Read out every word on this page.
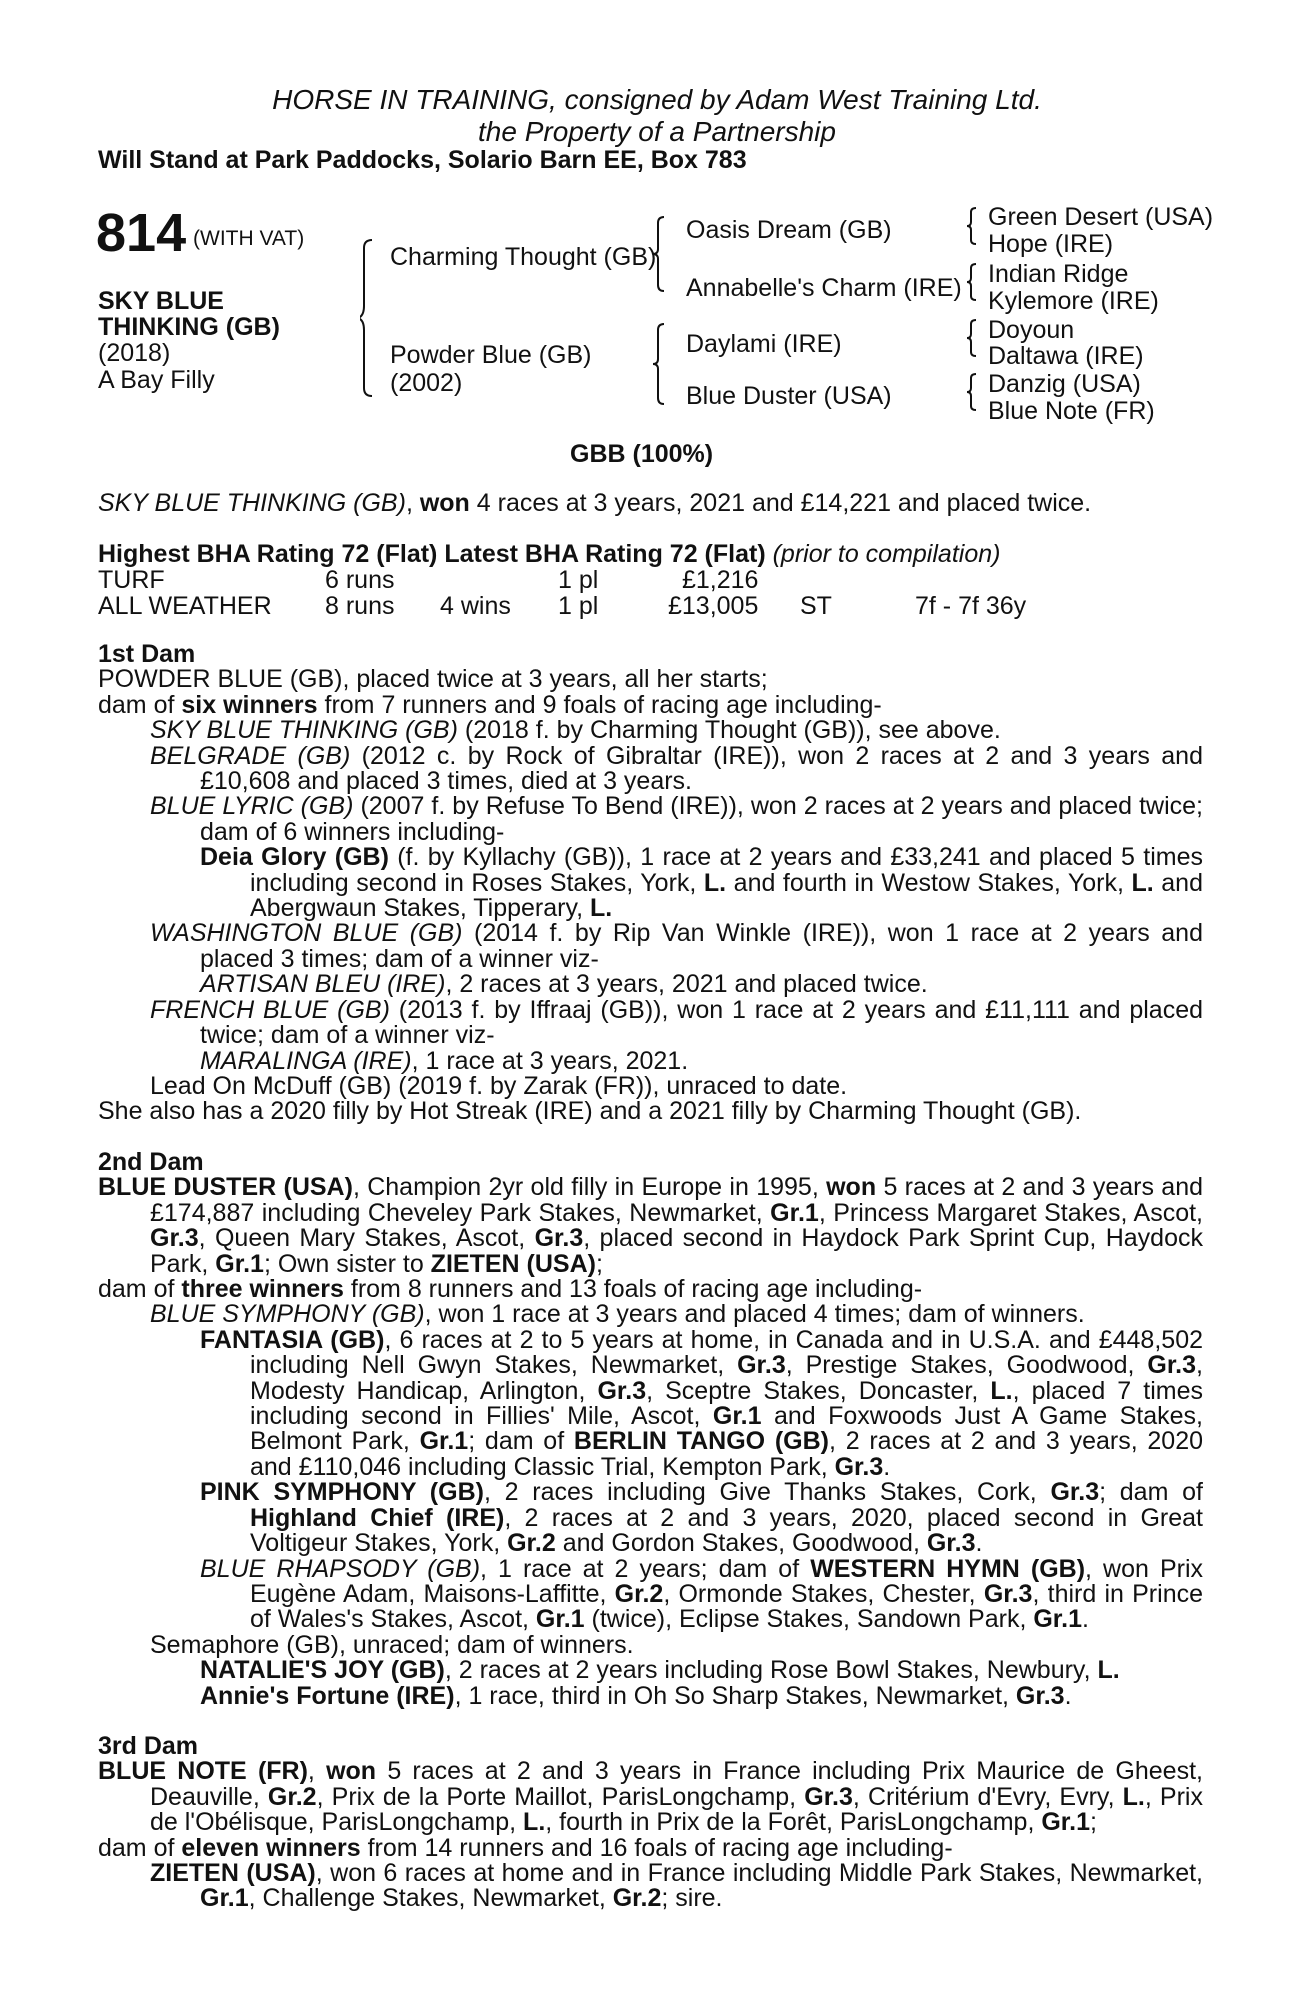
HORSE IN TRAINING, consigned by Adam West Training Ltd.
the Property of a Partnership
Will Stand at Park Paddocks, Solario Barn EE, Box 783
814 (WITH VAT)
SKY BLUE
THINKING (GB)
(2018)
A Bay Filly
Charming Thought (GB)
Powder Blue (GB)
(2002)
Oasis Dream (GB)
Annabelle's Charm (IRE)
Daylami (IRE)
Blue Duster (USA)
Green Desert (USA)
Hope (IRE)
Indian Ridge
Kylemore (IRE)
Doyoun
Daltawa (IRE)
Danzig (USA)
Blue Note (FR)
GBB (100%)
SKY BLUE THINKING (GB), won 4 races at 3 years, 2021 and £14,221 and placed twice.
Highest BHA Rating 72 (Flat) Latest BHA Rating 72 (Flat) (prior to compilation)
TURF	6 runs	1 pl	£1,216
ALL WEATHER 8 runs 4 wins 1 pl	£13,005 ST	7f - 7f 36y

1st Dam

POWDER BLUE (GB), placed twice at 3 years, all her starts;

dam of six winners from 7 runners and 9 foals of racing age including-

SKY BLUE THINKING (GB) (2018 f. by Charming Thought (GB)), see above.

BELGRADE (GB) (2012 c. by Rock of Gibraltar (IRE)), won 2 races at 2 and 3 years and £10,608 and placed 3 times, died at 3 years.

BLUE LYRIC (GB) (2007 f. by Refuse To Bend (IRE)), won 2 races at 2 years and placed twice; dam of 6 winners including-

Deia Glory (GB) (f. by Kyllachy (GB)), 1 race at 2 years and £33,241 and placed 5 times including second in Roses Stakes, York, L. and fourth in Westow Stakes, York, L. and Abergwaun Stakes, Tipperary, L.

WASHINGTON BLUE (GB) (2014 f. by Rip Van Winkle (IRE)), won 1 race at 2 years and placed 3 times; dam of a winner viz-

ARTISAN BLEU (IRE), 2 races at 3 years, 2021 and placed twice.

FRENCH BLUE (GB) (2013 f. by Iffraaj (GB)), won 1 race at 2 years and £11,111 and placed twice; dam of a winner viz-

MARALINGA (IRE), 1 race at 3 years, 2021.

Lead On McDuff (GB) (2019 f. by Zarak (FR)), unraced to date.

She also has a 2020 filly by Hot Streak (IRE) and a 2021 filly by Charming Thought (GB).

2nd Dam

BLUE DUSTER (USA), Champion 2yr old filly in Europe in 1995, won 5 races at 2 and 3 years and £174,887 including Cheveley Park Stakes, Newmarket, Gr.1, Princess Margaret Stakes, Ascot, Gr.3, Queen Mary Stakes, Ascot, Gr.3, placed second in Haydock Park Sprint Cup, Haydock Park, Gr.1; Own sister to ZIETEN (USA);

dam of three winners from 8 runners and 13 foals of racing age including-

BLUE SYMPHONY (GB), won 1 race at 3 years and placed 4 times; dam of winners.

FANTASIA (GB), 6 races at 2 to 5 years at home, in Canada and in U.S.A. and £448,502 including Nell Gwyn Stakes, Newmarket, Gr.3, Prestige Stakes, Goodwood, Gr.3, Modesty Handicap, Arlington, Gr.3, Sceptre Stakes, Doncaster, L., placed 7 times including second in Fillies' Mile, Ascot, Gr.1 and Foxwoods Just A Game Stakes, Belmont Park, Gr.1; dam of BERLIN TANGO (GB), 2 races at 2 and 3 years, 2020 and £110,046 including Classic Trial, Kempton Park, Gr.3.

PINK SYMPHONY (GB), 2 races including Give Thanks Stakes, Cork, Gr.3; dam of Highland Chief (IRE), 2 races at 2 and 3 years, 2020, placed second in Great Voltigeur Stakes, York, Gr.2 and Gordon Stakes, Goodwood, Gr.3.

BLUE RHAPSODY (GB), 1 race at 2 years; dam of WESTERN HYMN (GB), won Prix Eugène Adam, Maisons-Laffitte, Gr.2, Ormonde Stakes, Chester, Gr.3, third in Prince of Wales's Stakes, Ascot, Gr.1 (twice), Eclipse Stakes, Sandown Park, Gr.1.

Semaphore (GB), unraced; dam of winners.

NATALIE'S JOY (GB), 2 races at 2 years including Rose Bowl Stakes, Newbury, L.

Annie's Fortune (IRE), 1 race, third in Oh So Sharp Stakes, Newmarket, Gr.3.

3rd Dam

BLUE NOTE (FR), won 5 races at 2 and 3 years in France including Prix Maurice de Gheest, Deauville, Gr.2, Prix de la Porte Maillot, ParisLongchamp, Gr.3, Critérium d'Evry, Evry, L., Prix de l'Obélisque, ParisLongchamp, L., fourth in Prix de la Forêt, ParisLongchamp, Gr.1;

dam of eleven winners from 14 runners and 16 foals of racing age including-

ZIETEN (USA), won 6 races at home and in France including Middle Park Stakes, Newmarket, Gr.1, Challenge Stakes, Newmarket, Gr.2; sire.
